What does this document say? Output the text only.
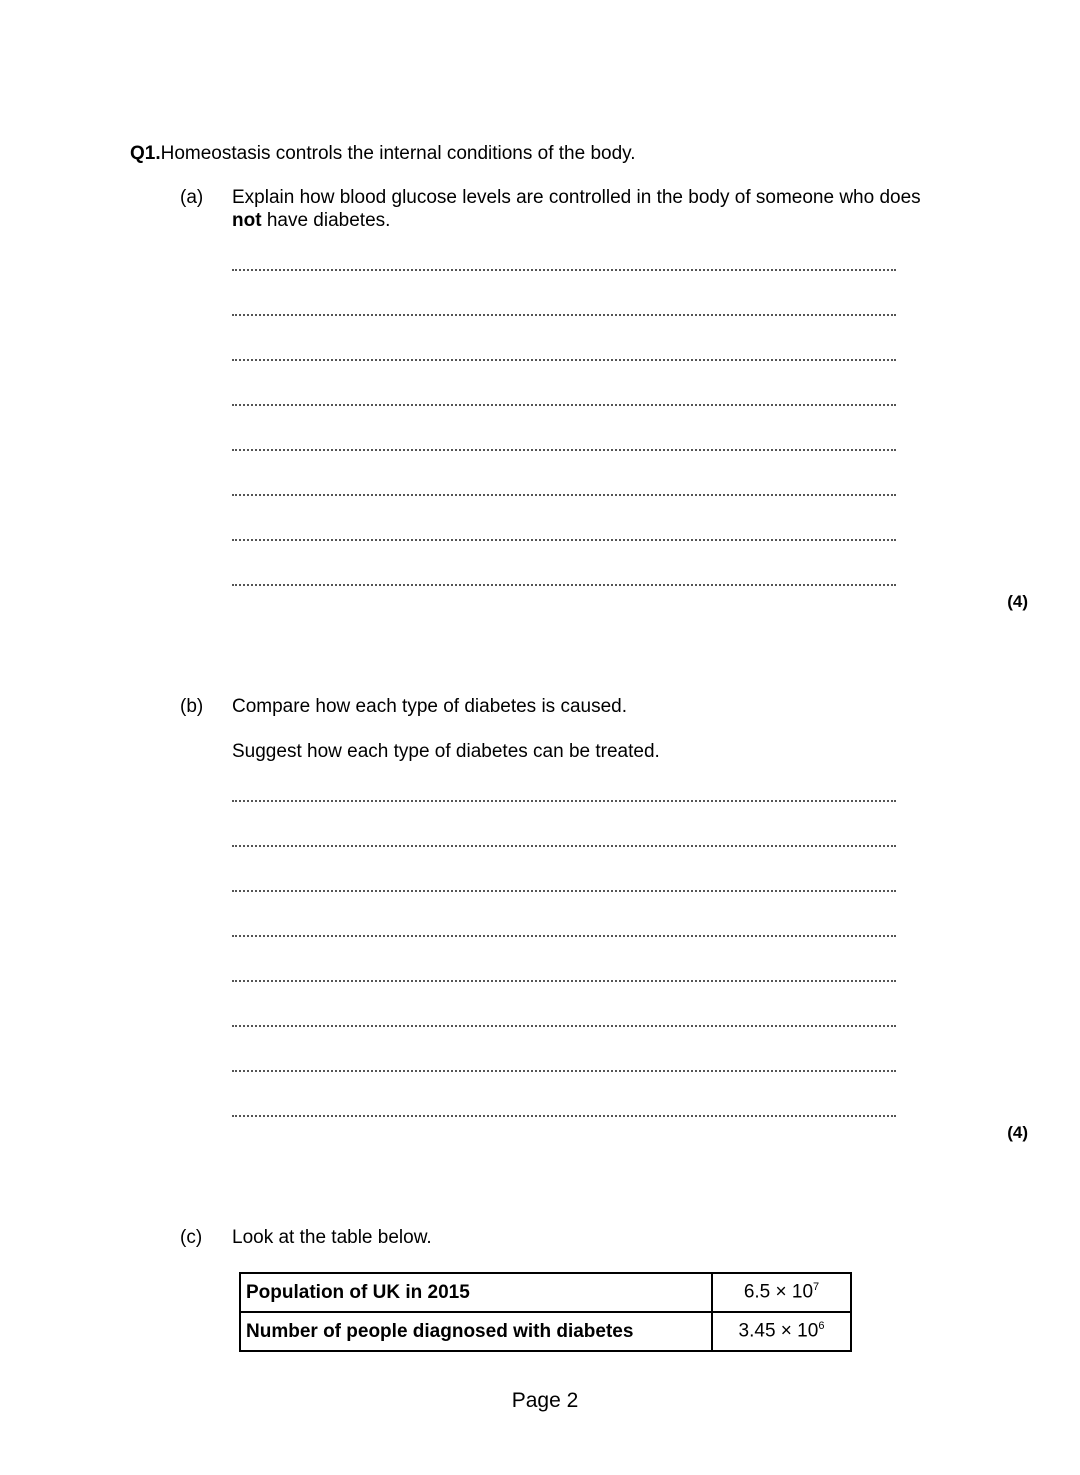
Q1.Homeostasis controls the internal conditions of the body.
(a) Explain how blood glucose levels are controlled in the body of someone who does
not have diabetes.
(4)
(b) Compare how each type of diabetes is caused.
Suggest how each type of diabetes can be treated.
(4)
(c) Look at the table below.
Population of UK in 2015	$6.5 \times 10^7$
Number of people diagnosed with diabetes	$3.45 \times 10^6$
Page 2
